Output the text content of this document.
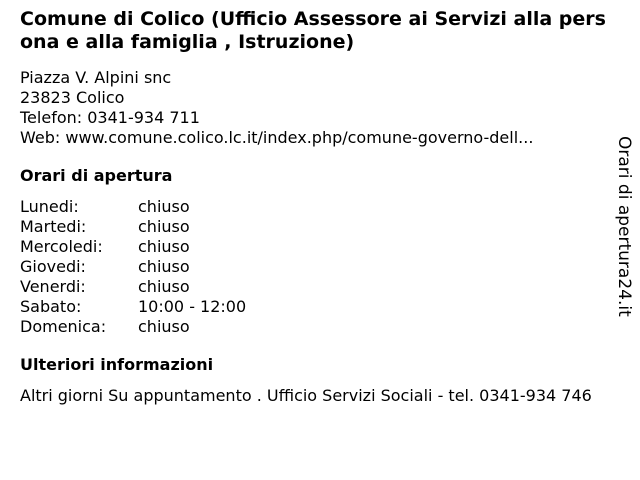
Comune di Colico (Ufficio Assessore ai Servizi alla persona e alla famiglia , Istruzione)
Piazza V. Alpini snc
23823 Colico
Telefon: 0341-934 711
Web: www.comune.colico.lc.it/index.php/comune-governo-dell...
Orari di apertura
Lunedi:	chiuso
Martedi:	chiuso
Mercoledi:	chiuso
Giovedi:	chiuso
Venerdi:	chiuso
Sabato:	10:00 - 12:00
Domenica:	chiuso
Ulteriori informazioni
Altri giorni Su appuntamento . Ufficio Servizi Sociali - tel. 0341-934 746
Orari di apertura24.it
